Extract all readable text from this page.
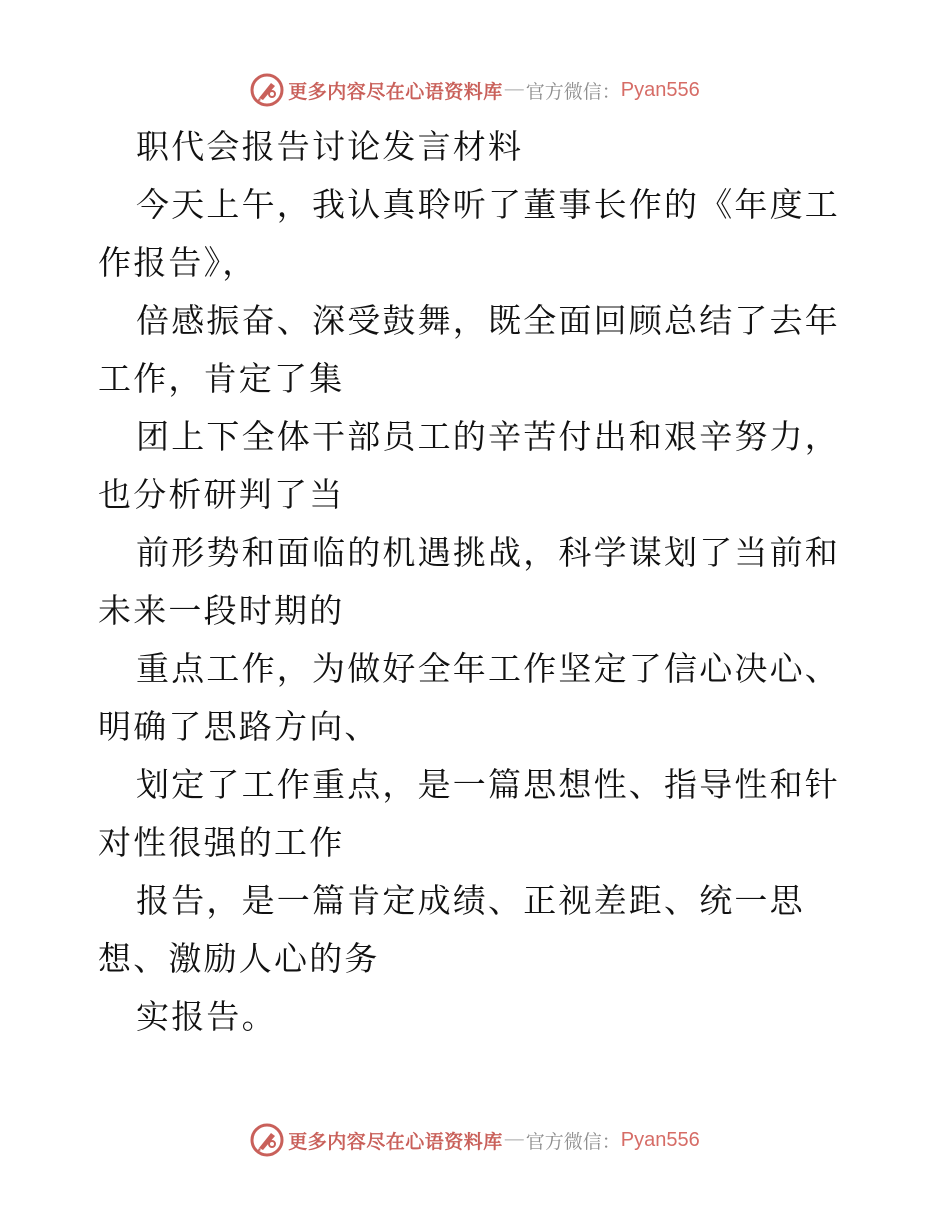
更多内容尽在心语资料库 — 官方微信： Pyan556

职代会报告讨论发言材料

今天上午，我认真聆听了董事长作的《年度工作报告》，

倍感振奋、深受鼓舞，既全面回顾总结了去年工作，肯定了集

团上下全体干部员工的辛苦付出和艰辛努力，也分析研判了当

前形势和面临的机遇挑战，科学谋划了当前和未来一段时期的

重点工作，为做好全年工作坚定了信心决心、明确了思路方向、

划定了工作重点，是一篇思想性、指导性和针对性很强的工作

报告，是一篇肯定成绩、正视差距、统一思想、激励人心的务

实报告。

更多内容尽在心语资料库 — 官方微信： Pyan556
